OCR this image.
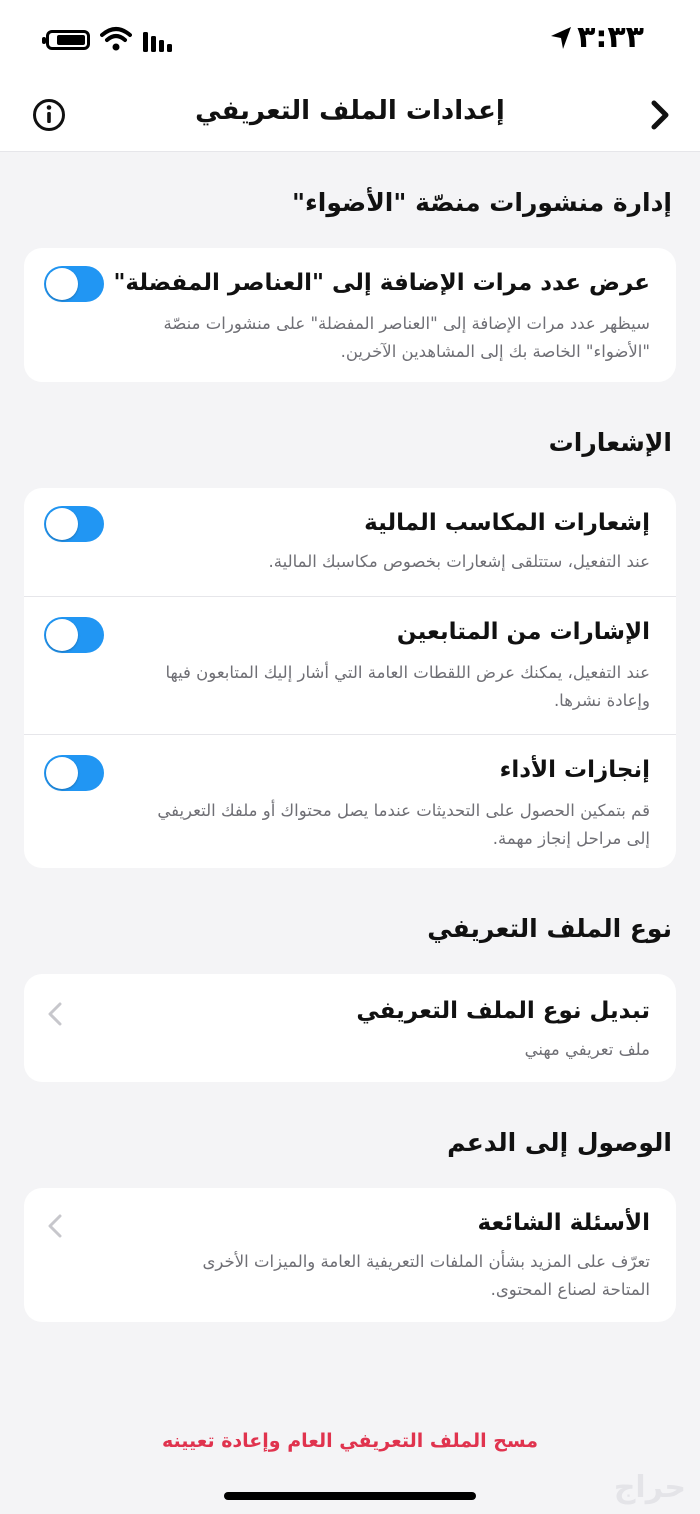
٣:٣٣
إعدادات الملف التعريفي
إدارة منشورات منصّة "الأضواء"
عرض عدد مرات الإضافة إلى "العناصر المفضلة"
سيظهر عدد مرات الإضافة إلى "العناصر المفضلة" على منشورات منصّة "الأضواء" الخاصة بك إلى المشاهدين الآخرين.
الإشعارات
إشعارات المكاسب المالية
عند التفعيل، ستتلقى إشعارات بخصوص مكاسبك المالية.
الإشارات من المتابعين
عند التفعيل، يمكنك عرض اللقطات العامة التي أشار إليك المتابعون فيها وإعادة نشرها.
إنجازات الأداء
قم بتمكين الحصول على التحديثات عندما يصل محتواك أو ملفك التعريفي إلى مراحل إنجاز مهمة.
نوع الملف التعريفي
تبديل نوع الملف التعريفي
ملف تعريفي مهني
الوصول إلى الدعم
الأسئلة الشائعة
تعرّف على المزيد بشأن الملفات التعريفية العامة والميزات الأخرى المتاحة لصناع المحتوى.
مسح الملف التعريفي العام وإعادة تعيينه
حراج
